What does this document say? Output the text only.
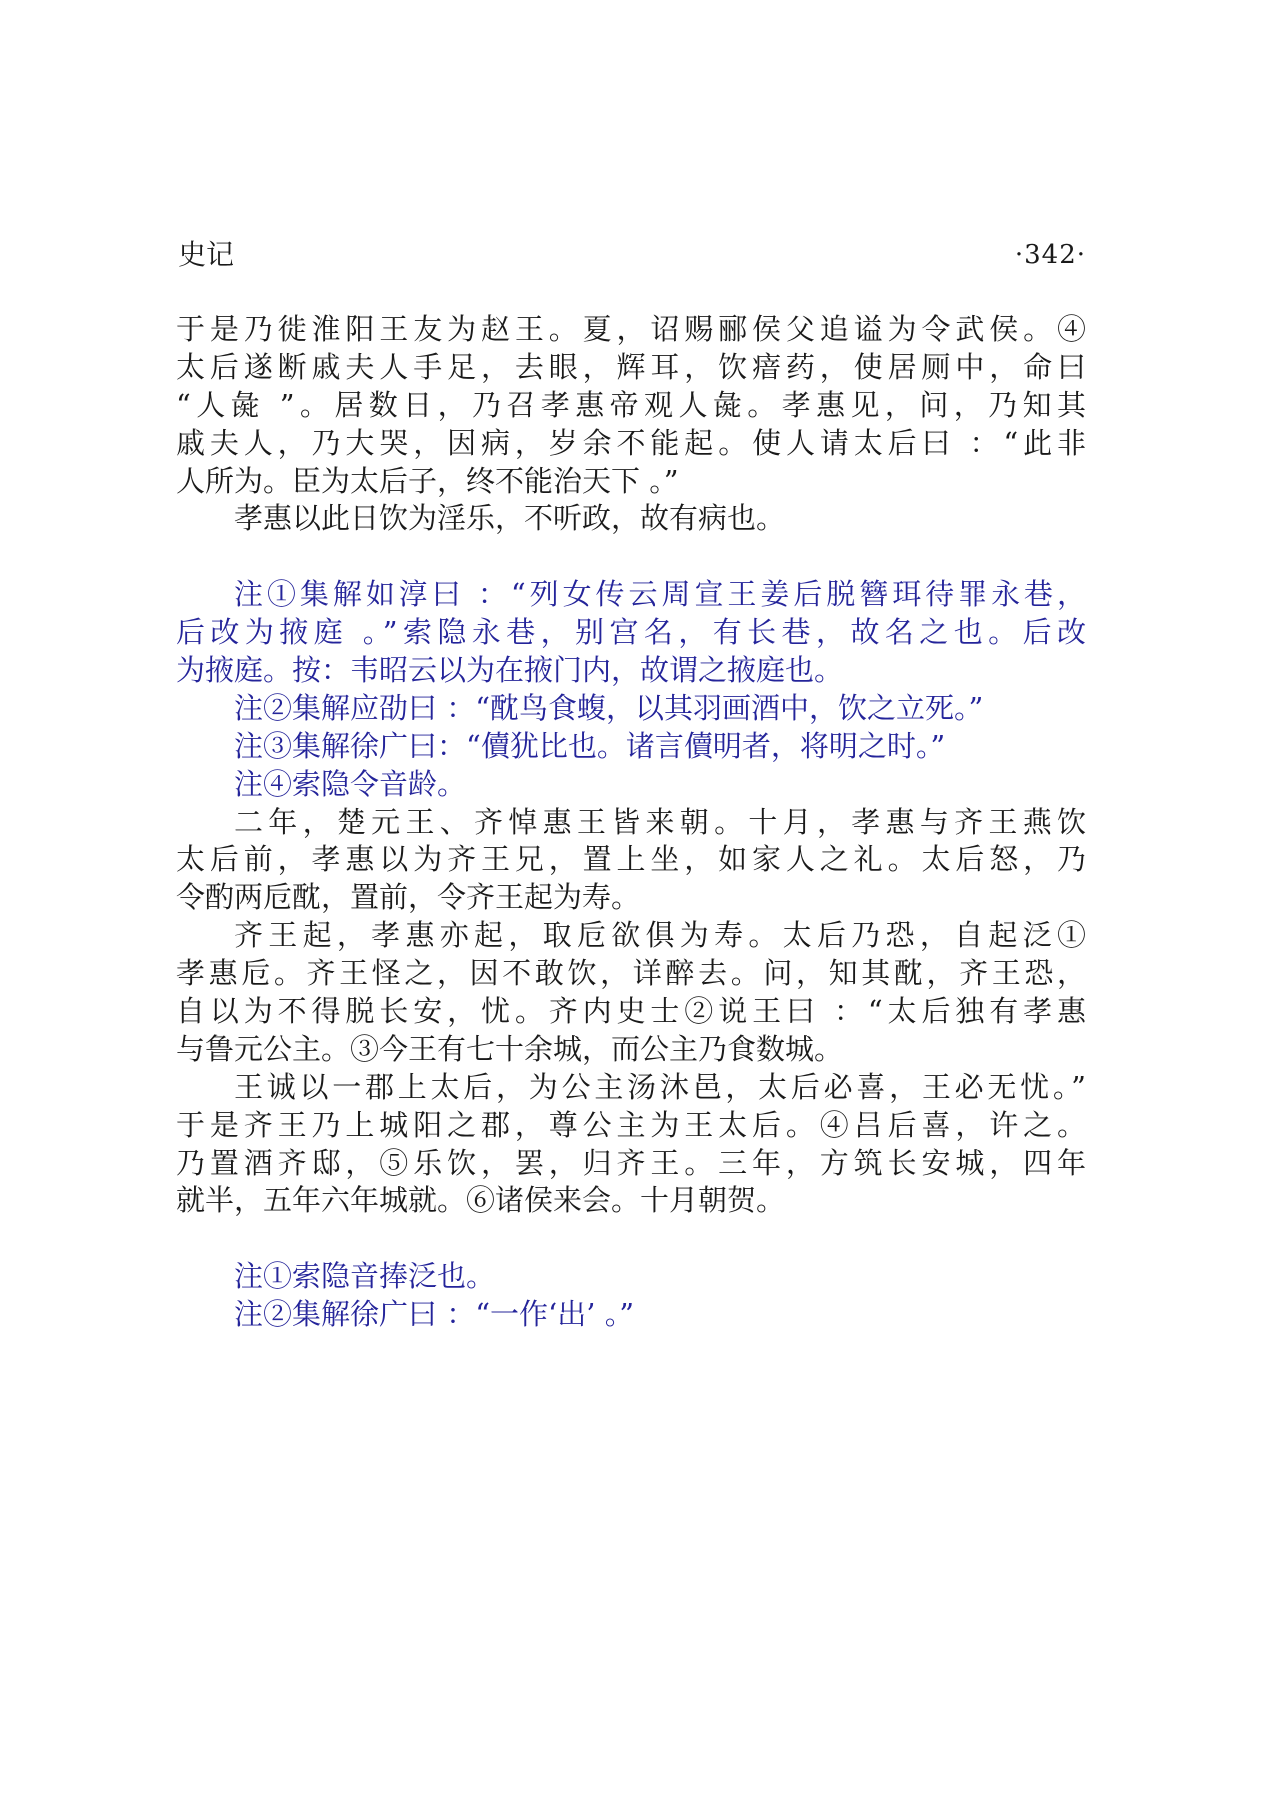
史记	·342·
于是乃徙淮阳王友为赵王。夏，诏赐郦侯父追谥为令武侯。④
太后遂断戚夫人手足，去眼，辉耳，饮瘖药，使居厕中，命曰
“人彘 ”。居数日，乃召孝惠帝观人彘。孝惠见，问，乃知其
戚夫人，乃大哭，因病，岁余不能起。使人请太后曰 ：“此非
人所为。臣为太后子，终不能治天下 。”
孝惠以此日饮为淫乐，不听政，故有病也。
注①集解如淳曰 ：“列女传云周宣王姜后脱簪珥待罪永巷，
后改为掖庭 。”索隐永巷，别宫名，有长巷，故名之也。后改
为掖庭。按：韦昭云以为在掖门内，故谓之掖庭也。
注②集解应劭曰 ：“酖鸟食蝮，以其羽画酒中，饮之立死。”
注③集解徐广曰：“儥犹比也。诸言儥明者，将明之时。”
注④索隐令音龄。
二年，楚元王、齐悼惠王皆来朝。十月，孝惠与齐王燕饮
太后前，孝惠以为齐王兄，置上坐，如家人之礼。太后怒，乃
令酌两卮酖，置前，令齐王起为寿。
齐王起，孝惠亦起，取卮欲俱为寿。太后乃恐，自起泛①
孝惠卮。齐王怪之，因不敢饮，详醉去。问，知其酖，齐王恐，
自以为不得脱长安，忧。齐内史士②说王曰 ：“太后独有孝惠
与鲁元公主。③今王有七十余城，而公主乃食数城。
王诚以一郡上太后，为公主汤沐邑，太后必喜，王必无忧。”
于是齐王乃上城阳之郡，尊公主为王太后。④吕后喜，许之。
乃置酒齐邸，⑤乐饮，罢，归齐王。三年，方筑长安城，四年
就半，五年六年城就。⑥诸侯来会。十月朝贺。
注①索隐音捧泛也。
注②集解徐广曰 ：“一作‘出’ 。”
